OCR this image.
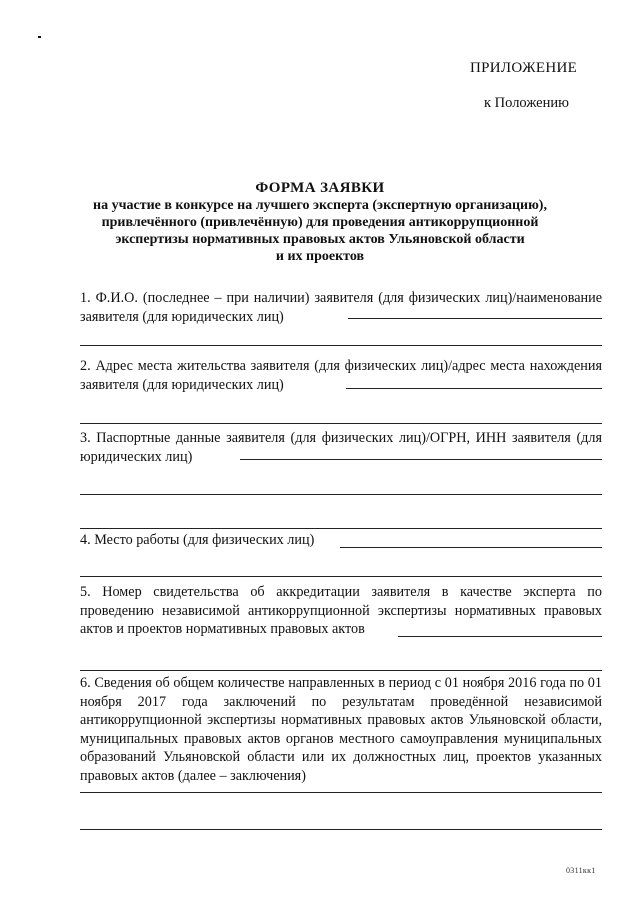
ПРИЛОЖЕНИЕ
к Положению
ФОРМА ЗАЯВКИ
на участие в конкурсе на лучшего эксперта (экспертную организацию),
привлечённого (привлечённую) для проведения антикоррупционной
экспертизы нормативных правовых актов Ульяновской области
и их проектов

1. Ф.И.О. (последнее – при наличии) заявителя (для физических лиц)/наименование заявителя (для юридических лиц)

2. Адрес места жительства заявителя (для физических лиц)/адрес места нахождения заявителя (для юридических лиц)

3. Паспортные данные заявителя (для физических лиц)/ОГРН, ИНН заявителя (для юридических лиц)

4. Место работы (для физических лиц)

5. Номер свидетельства об аккредитации заявителя в качестве эксперта по проведению независимой антикоррупционной экспертизы нормативных правовых актов и проектов нормативных правовых актов

6. Сведения об общем количестве направленных в период с 01 ноября 2016 года по 01 ноября 2017 года заключений по результатам проведённой независимой антикоррупционной экспертизы нормативных правовых актов Ульяновской области, муниципальных правовых актов органов местного самоуправления муниципальных образований Ульяновской области или их должностных лиц, проектов указанных правовых актов (далее – заключения)

0311кк1
